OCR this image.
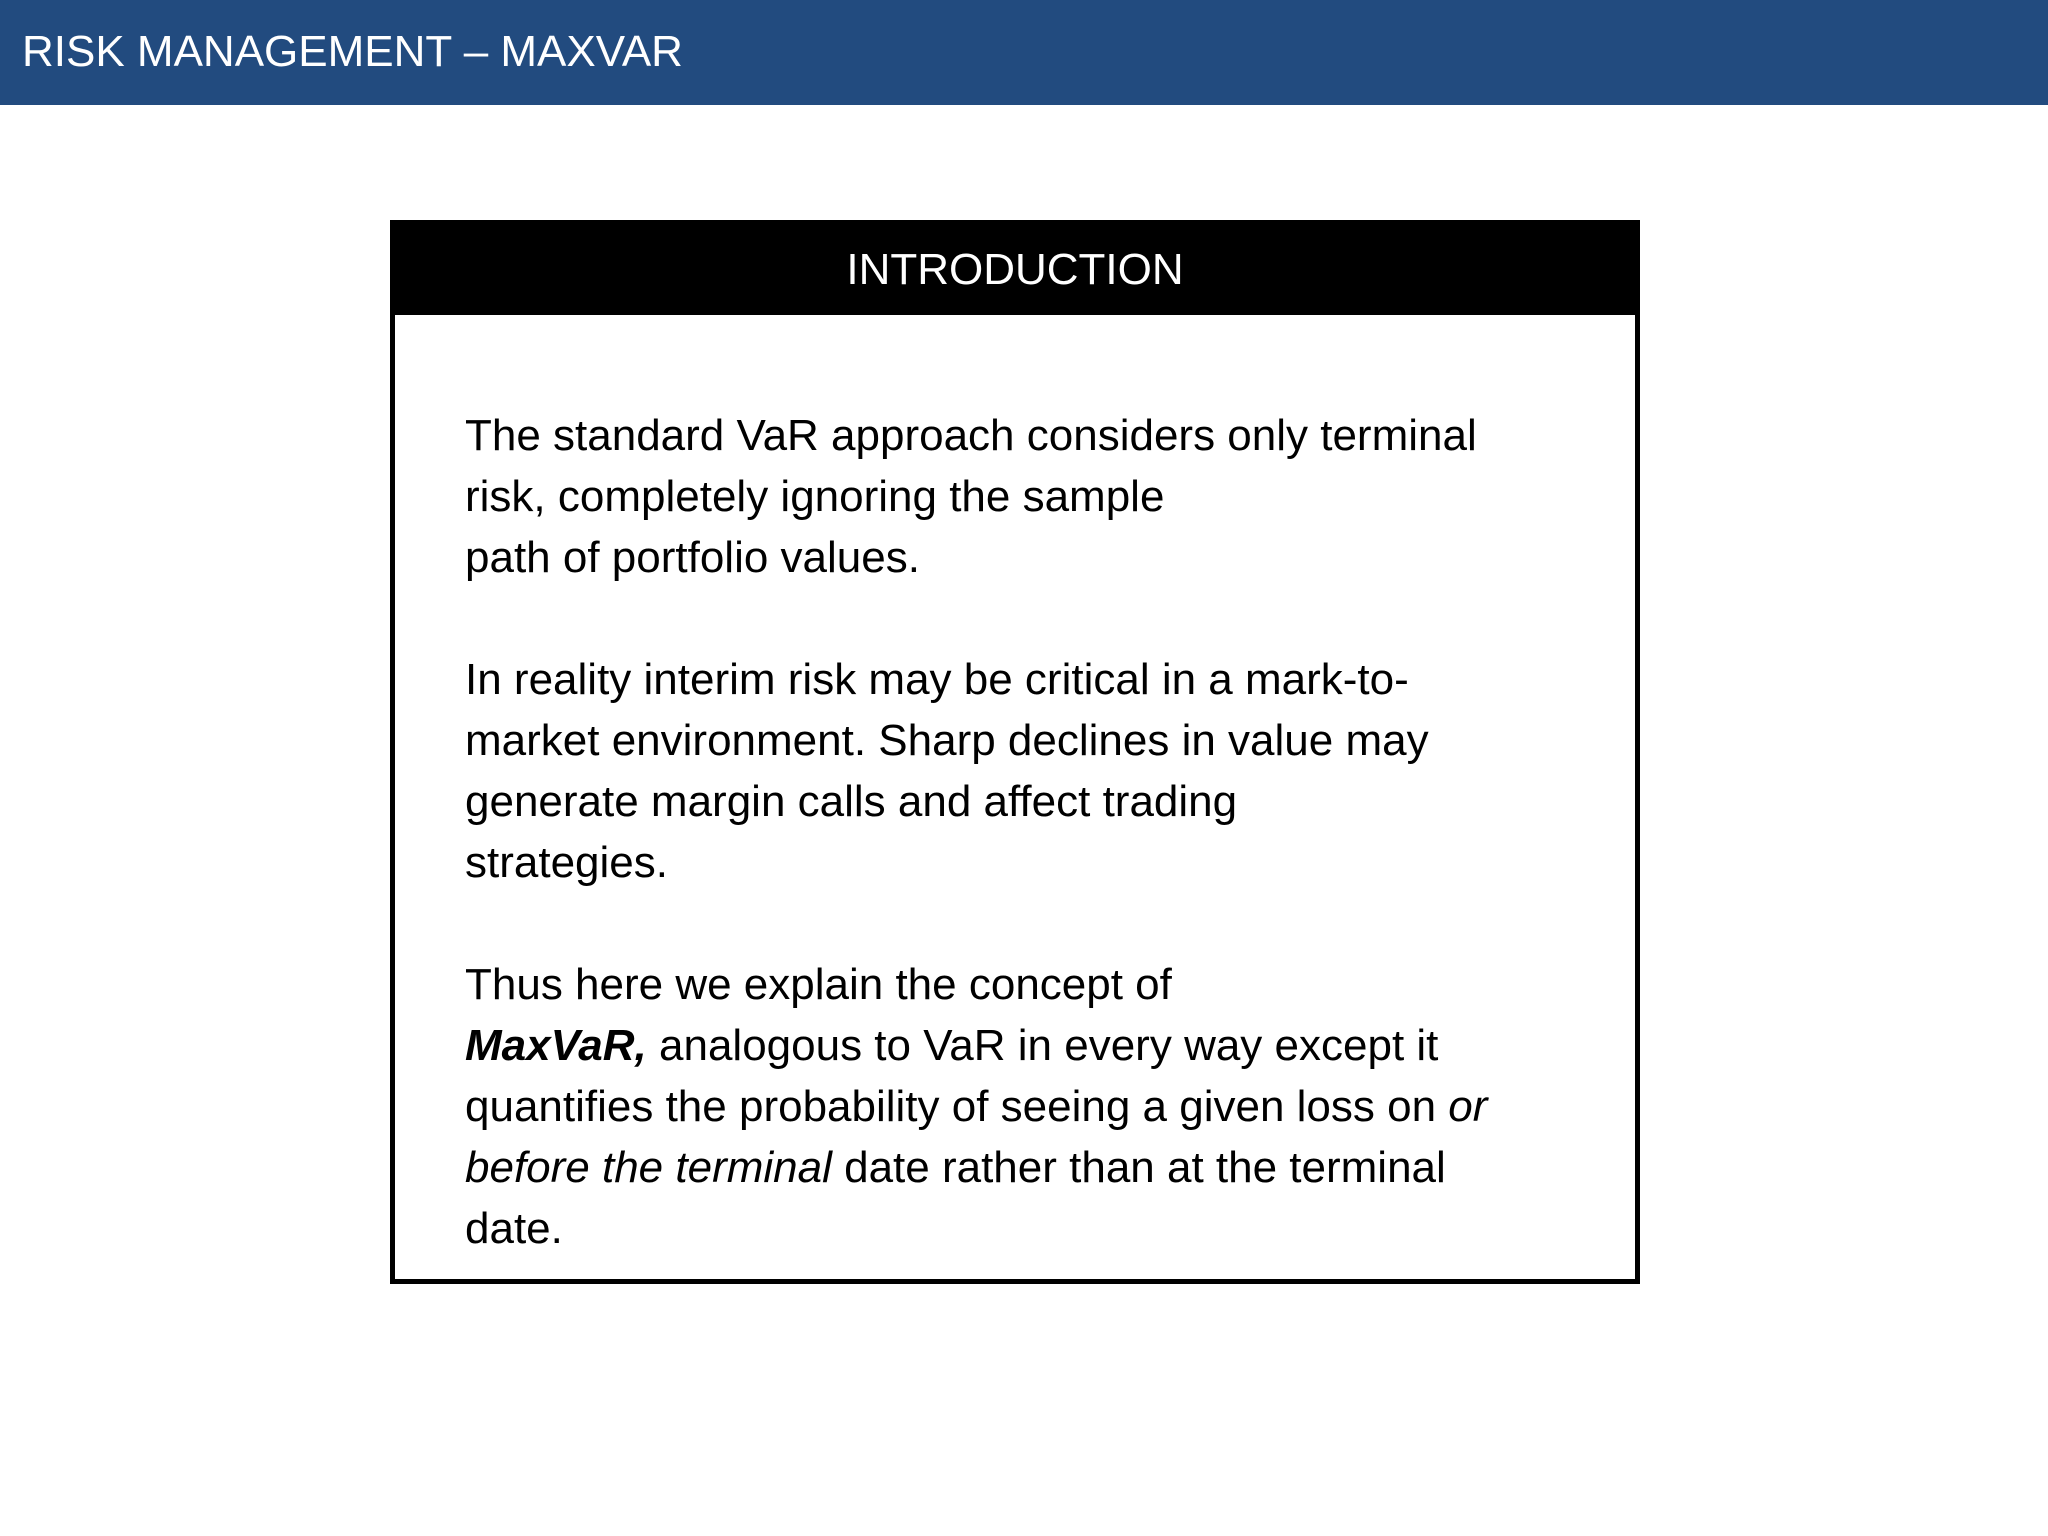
RISK MANAGEMENT – MAXVAR
INTRODUCTION
The standard VaR approach considers only terminal
risk, completely ignoring the sample
path of portfolio values.
In reality interim risk may be critical in a mark-to-
market environment. Sharp declines in value may
generate margin calls and affect trading
strategies.
Thus here we explain the concept of
MaxVaR, analogous to VaR in every way except it
quantifies the probability of seeing a given loss on or
before the terminal date rather than at the terminal
date.
